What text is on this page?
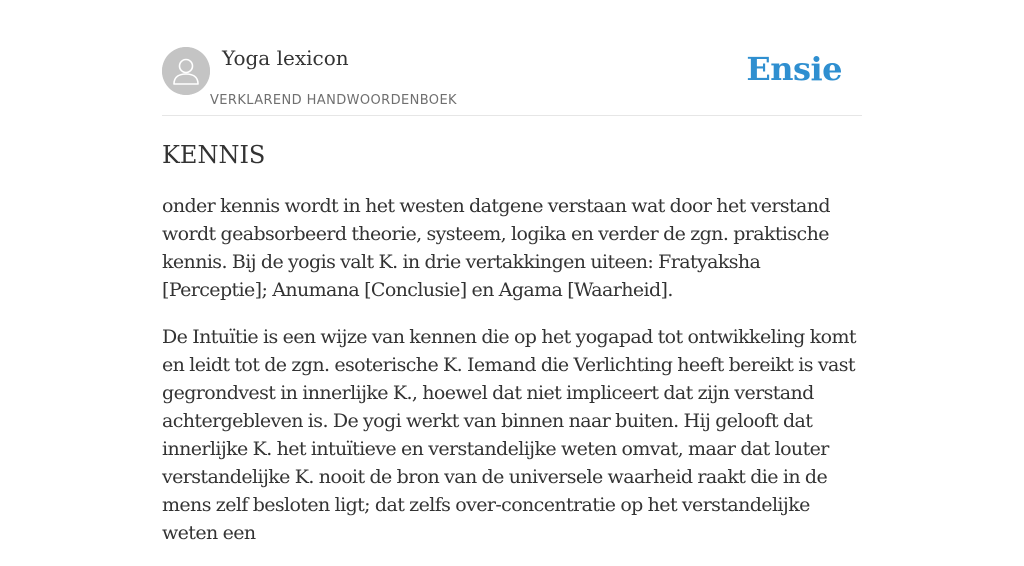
Yoga lexicon
VERKLAREND HANDWOORDENBOEK
Ensie
KENNIS

onder kennis wordt in het westen datgene verstaan wat door het verstand wordt geabsorbeerd theorie, systeem, logika en verder de zgn. praktische kennis. Bij de yogis valt K. in drie vertakkingen uiteen: Fratyaksha [Perceptie]; Anumana [Conclusie] en Agama [Waarheid].

De Intuïtie is een wijze van kennen die op het yogapad tot ontwikkeling komt en leidt tot de zgn. esoterische K. Iemand die Verlichting heeft bereikt is vast gegrondvest in innerlijke K., hoewel dat niet impliceert dat zijn verstand achtergebleven is. De yogi werkt van binnen naar buiten. Hij gelooft dat innerlijke K. het intuïtieve en verstandelijke weten omvat, maar dat louter verstandelijke K. nooit de bron van de universele waarheid raakt die in de mens zelf besloten ligt; dat zelfs over-concentratie op het verstandelijke weten een
